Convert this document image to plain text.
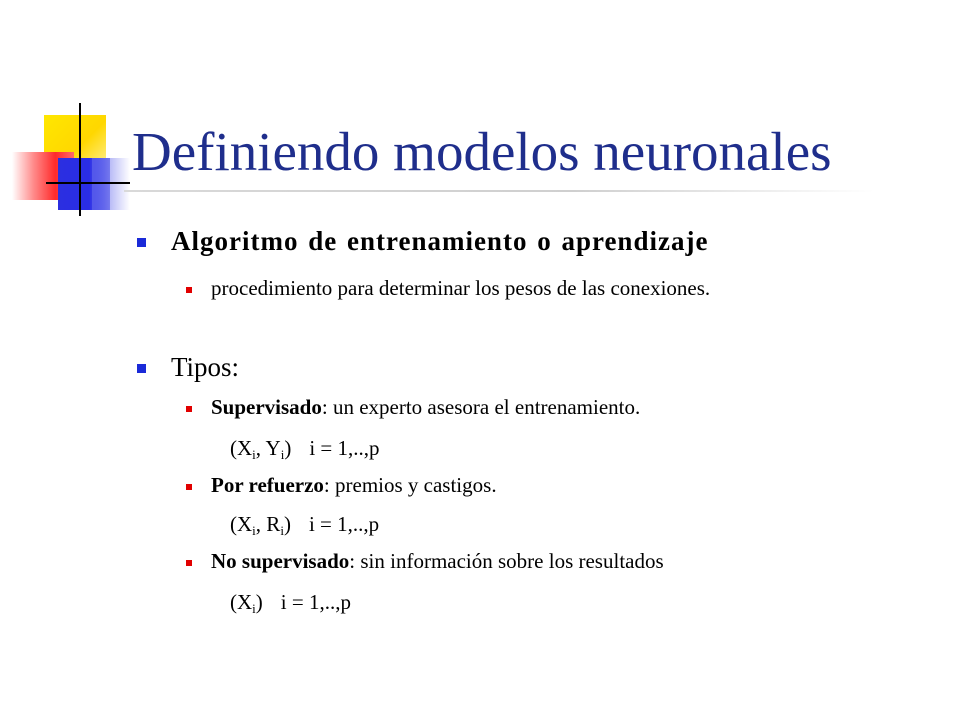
Definiendo modelos neuronales
Algoritmo de entrenamiento o aprendizaje
procedimiento para determinar los pesos de las conexiones.
Tipos:
Supervisado: un experto asesora el entrenamiento.
($X_i$, $Y_i$) i = 1,..,p
Por refuerzo: premios y castigos.
($X_i$, $R_i$) i = 1,..,p
No supervisado: sin información sobre los resultados
$(X_i) i = 1,..,p$
